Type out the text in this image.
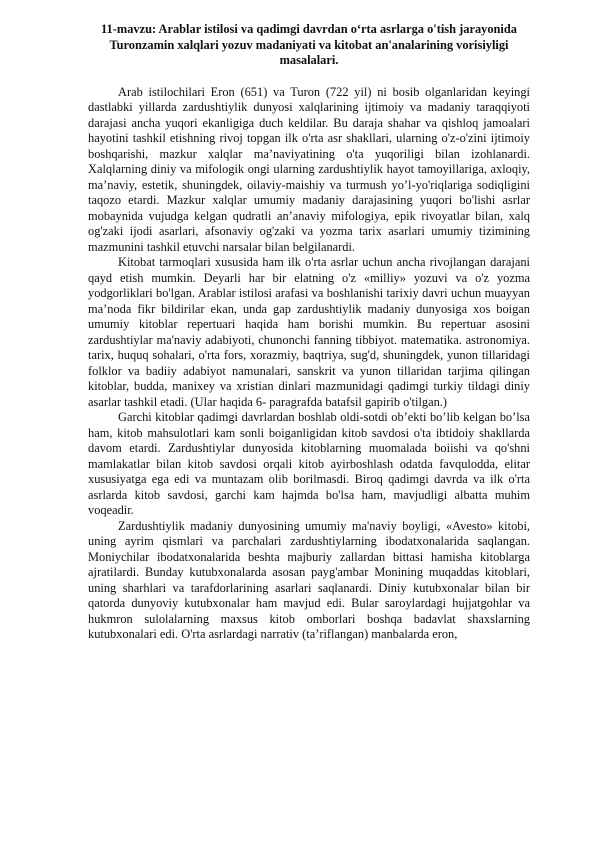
11-mavzu: Arablar istilosi va qadimgi davrdan o‘rta asrlarga o'tish jarayonida Turonzamin xalqlari yozuv madaniyati va kitobat an'analarining vorisiyligi masalalari.

Arab istilochilari Eron (651) va Turon (722 yil) ni bosib olganlaridan keyingi dastlabki yillarda zardushtiylik dunyosi xalqlarining ijtimoiy va madaniy taraqqiyoti darajasi ancha yuqori ekanligiga duch keldilar. Bu daraja shahar va qishloq jamoalari hayotini tashkil etishning rivoj topgan ilk o'rta asr shakllari, ularning o'z-o'zini ijtimoiy boshqarishi, mazkur xalqlar ma’naviyatining o'ta yuqoriligi bilan izohlanardi. Xalqlarning diniy va mifologik ongi ularning zardushtiylik hayot tamoyillariga, axloqiy, ma’naviy, estetik, shuningdek, oilaviy-maishiy va turmush yo’l-yo'riqlariga sodiqligini taqozo etardi. Mazkur xalqlar umumiy madaniy darajasining yuqori bo'lishi asrlar mobaynida vujudga kelgan qudratli an’anaviy mifologiya, epik rivoyatlar bilan, xalq og'zaki ijodi asarlari, afsonaviy og'zaki va yozma tarix asarlari umumiy tizimining mazmunini tashkil etuvchi narsalar bilan belgilanardi.

Kitobat tarmoqlari xususida ham ilk o'rta asrlar uchun ancha rivojlangan darajani qayd etish mumkin. Deyarli har bir elatning o'z «milliy» yozuvi va o'z yozma yodgorliklari bo'lgan. Arablar istilosi arafasi va boshlanishi tarixiy davri uchun muayyan ma’noda fikr bildirilar ekan, unda gap zardushtiylik madaniy dunyosiga xos boigan umumiy kitoblar repertuari haqida ham borishi mumkin. Bu repertuar asosini zardushtiylar ma'naviy adabiyoti, chunonchi fanning tibbiyot. matematika. astronomiya. tarix, huquq sohalari, o'rta fors, xorazmiy, baqtriya, sug'd, shuningdek, yunon tillaridagi folklor va badiiy adabiyot namunalari, sanskrit va yunon tillaridan tarjima qilingan kitoblar, budda, manixey va xristian dinlari mazmunidagi qadimgi turkiy tildagi diniy asarlar tashkil etadi. (Ular haqida 6- paragrafda batafsil gapirib o'tilgan.)

Garchi kitoblar qadimgi davrlardan boshlab oldi-sotdi ob’ekti bo’lib kelgan bo’lsa ham, kitob mahsulotlari kam sonli boiganligidan kitob savdosi o'ta ibtidoiy shakllarda davom etardi. Zardushtiylar dunyosida kitoblarning muomalada boiishi va qo'shni mamlakatlar bilan kitob savdosi orqali kitob ayirboshlash odatda favqulodda, elitar xususiyatga ega edi va muntazam olib borilmasdi. Biroq qadimgi davrda va ilk o'rta asrlarda kitob savdosi, garchi kam hajmda bo'lsa ham, mavjudligi albatta muhim voqeadir.

Zardushtiylik madaniy dunyosining umumiy ma'naviy boyligi, «Avesto» kitobi, uning ayrim qismlari va parchalari zardushtiylarning ibodatxonalarida saqlangan. Moniychilar ibodatxonalarida beshta majburiy zallardan bittasi hamisha kitoblarga ajratilardi. Bunday kutubxonalarda asosan payg'ambar Monining muqaddas kitoblari, uning sharhlari va tarafdorlarining asarlari saqlanardi. Diniy kutubxonalar bilan bir qatorda dunyoviy kutubxonalar ham mavjud edi. Bular saroylardagi hujjatgohlar va hukmron sulolalarning maxsus kitob omborlari boshqa badavlat shaxslarning kutubxonalari edi. O'rta asrlardagi narrativ (ta’riflangan) manbalarda eron,
